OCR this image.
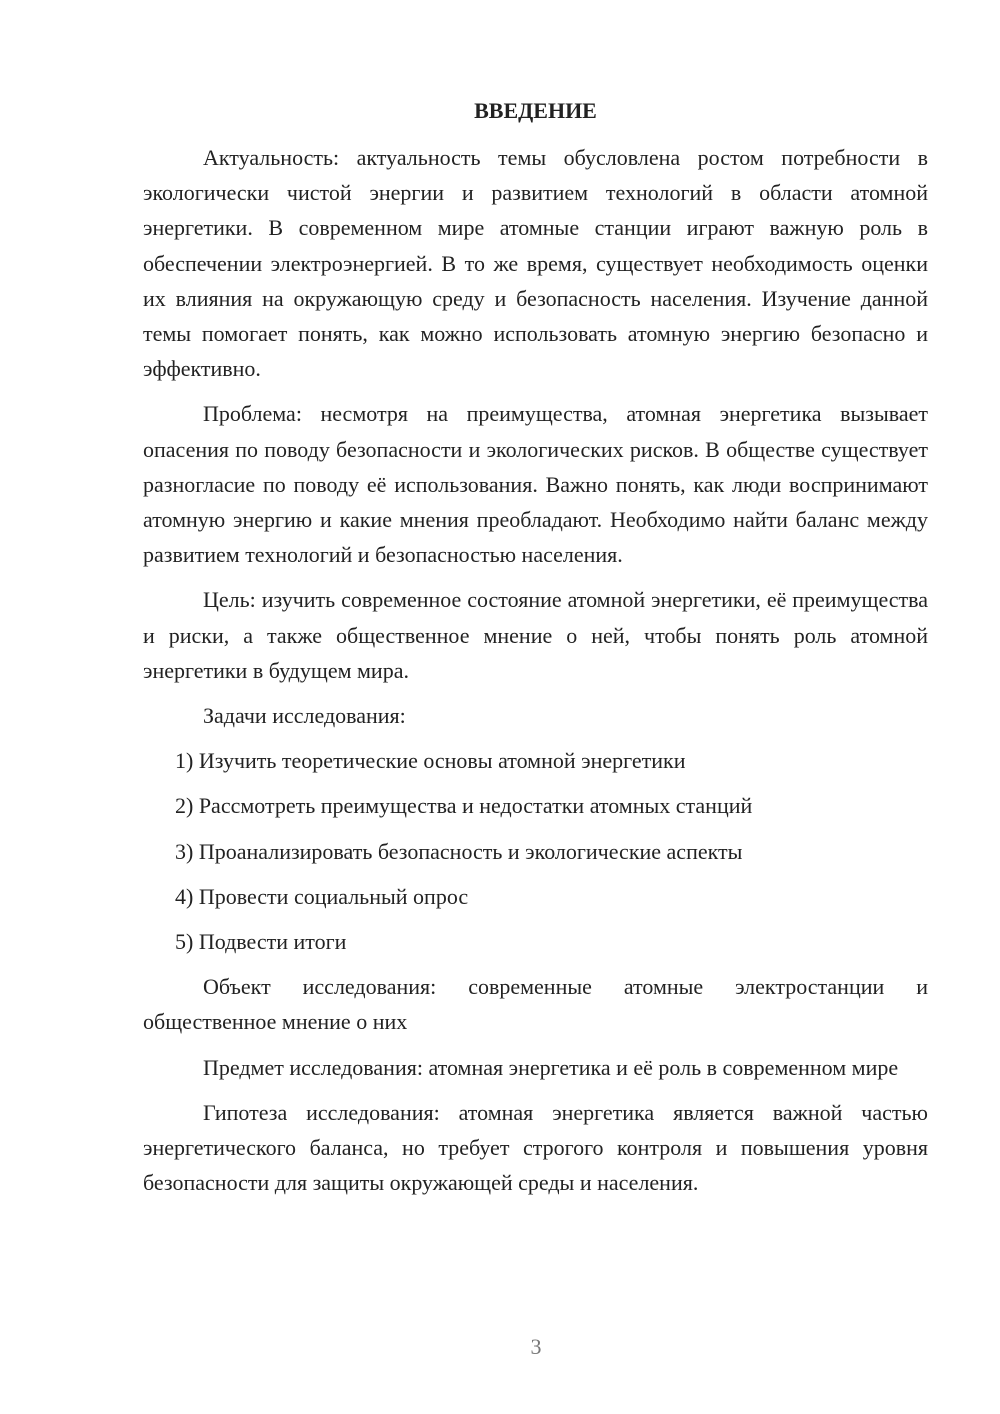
ВВЕДЕНИЕ

Актуальность: актуальность темы обусловлена ростом потребности в экологически чистой энергии и развитием технологий в области атомной энергетики. В современном мире атомные станции играют важную роль в обеспечении электроэнергией. В то же время, существует необходимость оценки их влияния на окружающую среду и безопасность населения. Изучение данной темы помогает понять, как можно использовать атомную энергию безопасно и эффективно.

Проблема: несмотря на преимущества, атомная энергетика вызывает опасения по поводу безопасности и экологических рисков. В обществе существует разногласие по поводу её использования. Важно понять, как люди воспринимают атомную энергию и какие мнения преобладают. Необходимо найти баланс между развитием технологий и безопасностью населения.

Цель: изучить современное состояние атомной энергетики, её преимущества и риски, а также общественное мнение о ней, чтобы понять роль атомной энергетики в будущем мира.

Задачи исследования:

1) Изучить теоретические основы атомной энергетики
2) Рассмотреть преимущества и недостатки атомных станций
3) Проанализировать безопасность и экологические аспекты
4) Провести социальный опрос
5) Подвести итоги

Объект исследования: современные атомные электростанции и общественное мнение о них

Предмет исследования: атомная энергетика и её роль в современном мире

Гипотеза исследования: атомная энергетика является важной частью энергетического баланса, но требует строгого контроля и повышения уровня безопасности для защиты окружающей среды и населения.

3
